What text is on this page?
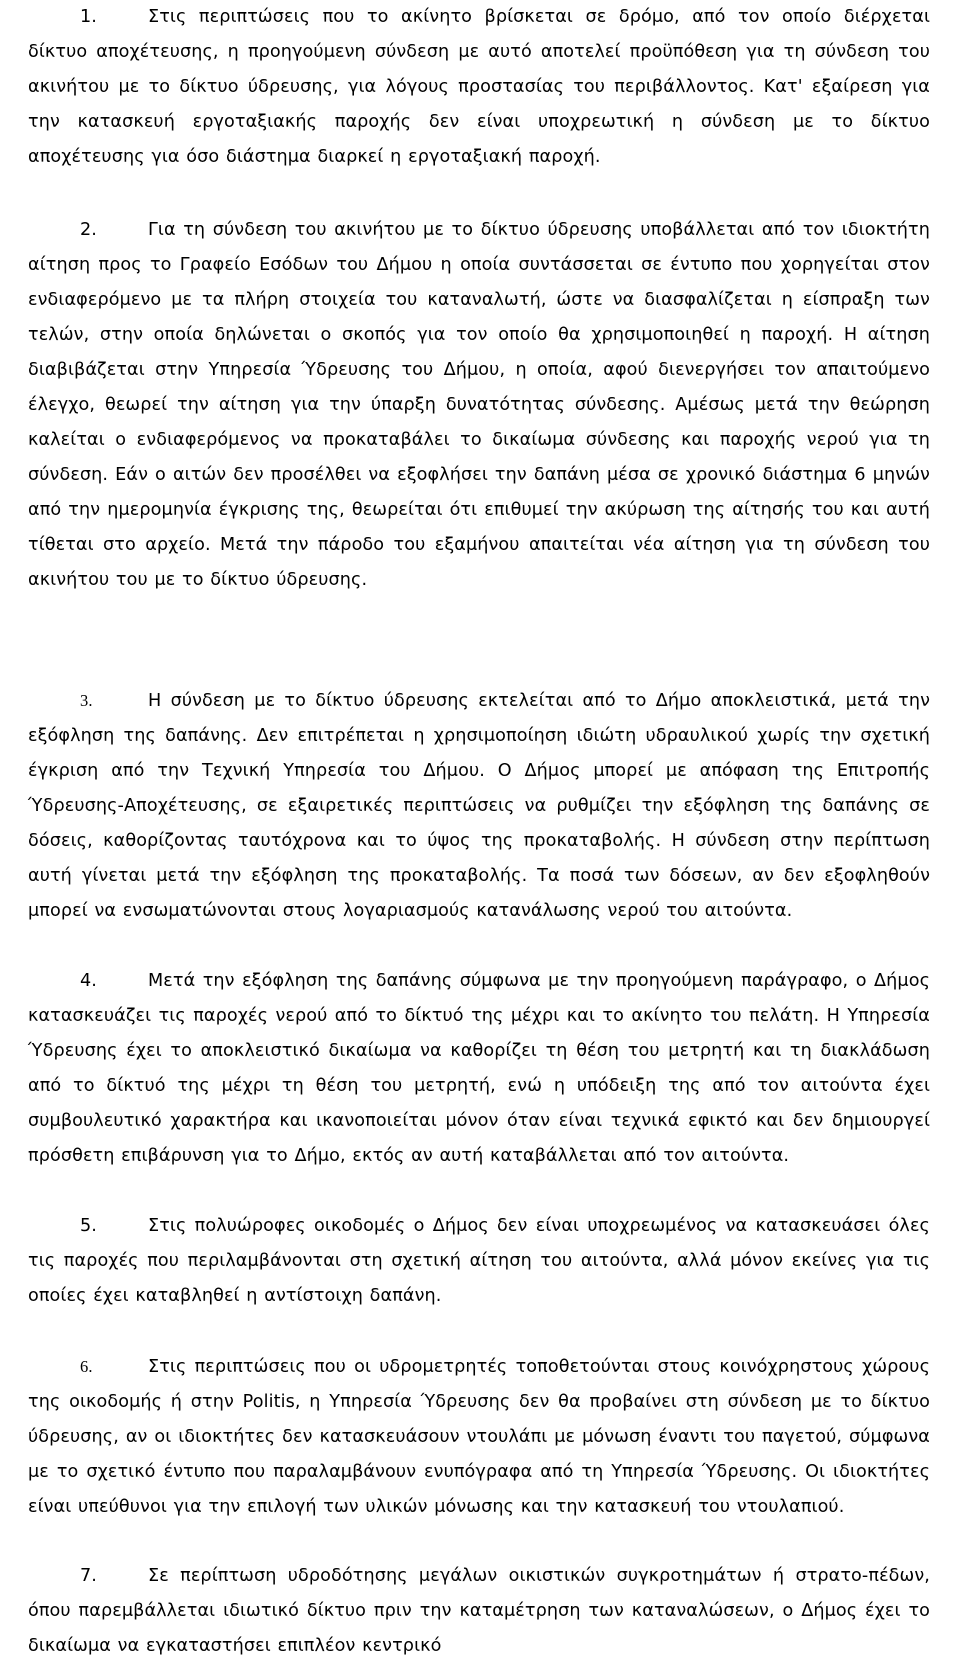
1.	Στις περιπτώσεις που το ακίνητο βρίσκεται σε δρόμο, από τον οποίο διέρχεται δίκτυο αποχέτευσης, η προηγούμενη σύνδεση με αυτό αποτελεί προϋπόθεση για τη σύνδεση του ακινήτου με το δίκτυο ύδρευσης, για λόγους προστασίας του περιβάλλοντος. Κατ' εξαίρεση για την κατασκευή εργοταξιακής παροχής δεν είναι υποχρεωτική η σύνδεση με το δίκτυο αποχέτευσης για όσο διάστημα διαρκεί η εργοταξιακή παροχή.

2.	Για τη σύνδεση του ακινήτου με το δίκτυο ύδρευσης υποβάλλεται από τον ιδιοκτήτη αίτηση προς το Γραφείο Εσόδων του Δήμου η οποία συντάσσεται σε έντυπο που χορηγείται στον ενδιαφερόμενο με τα πλήρη στοιχεία του καταναλωτή, ώστε να διασφαλίζεται η είσπραξη των τελών, στην οποία δηλώνεται ο σκοπός για τον οποίο θα χρησιμοποιηθεί η παροχή. Η αίτηση διαβιβάζεται στην Υπηρεσία Ύδρευσης του Δήμου, η οποία, αφού διενεργήσει τον απαιτούμενο έλεγχο, θεωρεί την αίτηση για την ύπαρξη δυνατότητας σύνδεσης. Αμέσως μετά την θεώρηση καλείται ο ενδιαφερόμενος να προκαταβάλει το δικαίωμα σύνδεσης και παροχής νερού για τη σύνδεση. Εάν ο αιτών δεν προσέλθει να εξοφλήσει την δαπάνη μέσα σε χρονικό διάστημα 6 μηνών από την ημερομηνία έγκρισης της, θεωρείται ότι επιθυμεί την ακύρωση της αίτησής του και αυτή τίθεται στο αρχείο. Μετά την πάροδο του εξαμήνου απαιτείται νέα αίτηση για τη σύνδεση του ακινήτου του με το δίκτυο ύδρευσης.

3.	Η σύνδεση με το δίκτυο ύδρευσης εκτελείται από το Δήμο αποκλειστικά, μετά την εξόφληση της δαπάνης. Δεν επιτρέπεται η χρησιμοποίηση ιδιώτη υδραυλικού χωρίς την σχετική έγκριση από την Τεχνική Υπηρεσία του Δήμου. Ο Δήμος μπορεί με απόφαση της Επιτροπής Ύδρευσης-Αποχέτευσης, σε εξαιρετικές περιπτώσεις να ρυθμίζει την εξόφληση της δαπάνης σε δόσεις, καθορίζοντας ταυτόχρονα και το ύψος της προκαταβολής. Η σύνδεση στην περίπτωση αυτή γίνεται μετά την εξόφληση της προκαταβολής. Τα ποσά των δόσεων, αν δεν εξοφληθούν μπορεί να ενσωματώνονται στους λογαριασμούς κατανάλωσης νερού του αιτούντα.

4.	Μετά την εξόφληση της δαπάνης σύμφωνα με την προηγούμενη παράγραφο, ο Δήμος κατασκευάζει τις παροχές νερού από το δίκτυό της μέχρι και το ακίνητο του πελάτη. Η Υπηρεσία Ύδρευσης έχει το αποκλειστικό δικαίωμα να καθορίζει τη θέση του μετρητή και τη διακλάδωση από το δίκτυό της μέχρι τη θέση του μετρητή, ενώ η υπόδειξη της από τον αιτούντα έχει συμβουλευτικό χαρακτήρα και ικανοποιείται μόνον όταν είναι τεχνικά εφικτό και δεν δημιουργεί πρόσθετη επιβάρυνση για το Δήμο, εκτός αν αυτή καταβάλλεται από τον αιτούντα.

5.	Στις πολυώροφες οικοδομές ο Δήμος δεν είναι υποχρεωμένος να κατασκευάσει όλες τις παροχές που περιλαμβάνονται στη σχετική αίτηση του αιτούντα, αλλά μόνον εκείνες για τις οποίες έχει καταβληθεί η αντίστοιχη δαπάνη.

6.	Στις περιπτώσεις που οι υδρομετρητές τοποθετούνται στους κοινόχρηστους χώρους της οικοδομής ή στην Politis, η Υπηρεσία Ύδρευσης δεν θα προβαίνει στη σύνδεση με το δίκτυο ύδρευσης, αν οι ιδιοκτήτες δεν κατασκευάσουν ντουλάπι με μόνωση έναντι του παγετού, σύμφωνα με το σχετικό έντυπο που παραλαμβάνουν ενυπόγραφα από τη Υπηρεσία Ύδρευσης. Οι ιδιοκτήτες είναι υπεύθυνοι για την επιλογή των υλικών μόνωσης και την κατασκευή του ντουλαπιού.

7.	Σε περίπτωση υδροδότησης μεγάλων οικιστικών συγκροτημάτων ή στρατο-πέδων, όπου παρεμβάλλεται ιδιωτικό δίκτυο πριν την καταμέτρηση των καταναλώσεων, ο Δήμος έχει το δικαίωμα να εγκαταστήσει επιπλέον κεντρικό
